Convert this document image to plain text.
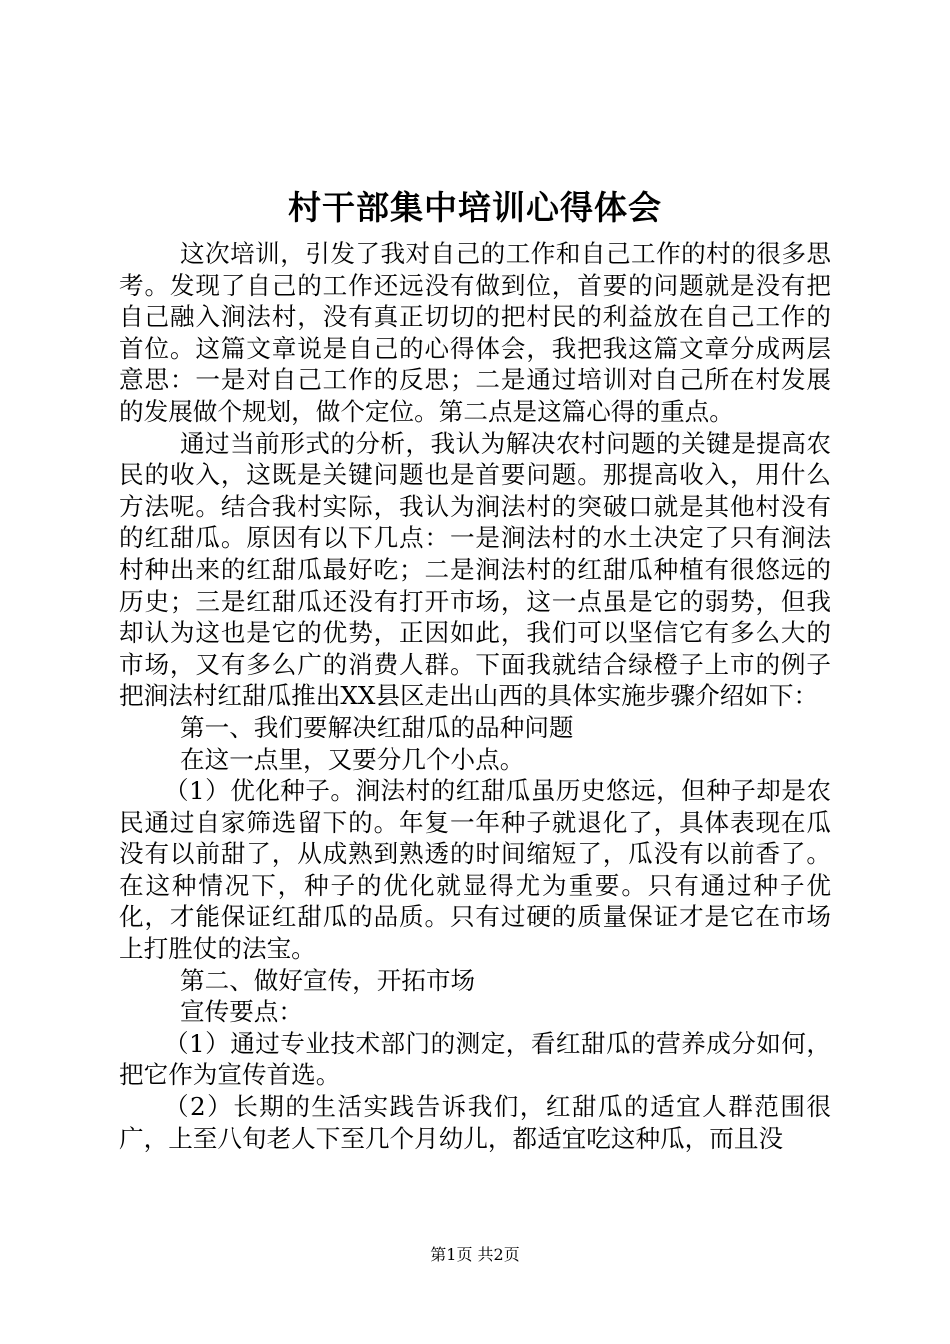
村干部集中培训心得体会

这次培训，引发了我对自己的工作和自己工作的村的很多思考。发现了自己的工作还远没有做到位，首要的问题就是没有把自己融入涧法村，没有真正切切的把村民的利益放在自己工作的首位。这篇文章说是自己的心得体会，我把我这篇文章分成两层意思：一是对自己工作的反思；二是通过培训对自己所在村发展的发展做个规划，做个定位。第二点是这篇心得的重点。

通过当前形式的分析，我认为解决农村问题的关键是提高农民的收入，这既是关键问题也是首要问题。那提高收入，用什么方法呢。结合我村实际，我认为涧法村的突破口就是其他村没有的红甜瓜。原因有以下几点：一是涧法村的水土决定了只有涧法村种出来的红甜瓜最好吃；二是涧法村的红甜瓜种植有很悠远的历史；三是红甜瓜还没有打开市场，这一点虽是它的弱势，但我却认为这也是它的优势，正因如此，我们可以坚信它有多么大的市场，又有多么广的消费人群。下面我就结合绿橙子上市的例子把涧法村红甜瓜推出XX县区走出山西的具体实施步骤介绍如下：

第一、我们要解决红甜瓜的品种问题

在这一点里，又要分几个小点。

（1）优化种子。涧法村的红甜瓜虽历史悠远，但种子却是农民通过自家筛选留下的。年复一年种子就退化了，具体表现在瓜没有以前甜了，从成熟到熟透的时间缩短了，瓜没有以前香了。在这种情况下，种子的优化就显得尤为重要。只有通过种子优化，才能保证红甜瓜的品质。只有过硬的质量保证才是它在市场上打胜仗的法宝。

第二、做好宣传，开拓市场

宣传要点：

（1）通过专业技术部门的测定，看红甜瓜的营养成分如何，把它作为宣传首选。

（2）长期的生活实践告诉我们，红甜瓜的适宜人群范围很广，上至八旬老人下至几个月幼儿，都适宜吃这种瓜，而且没

第1页 共2页
